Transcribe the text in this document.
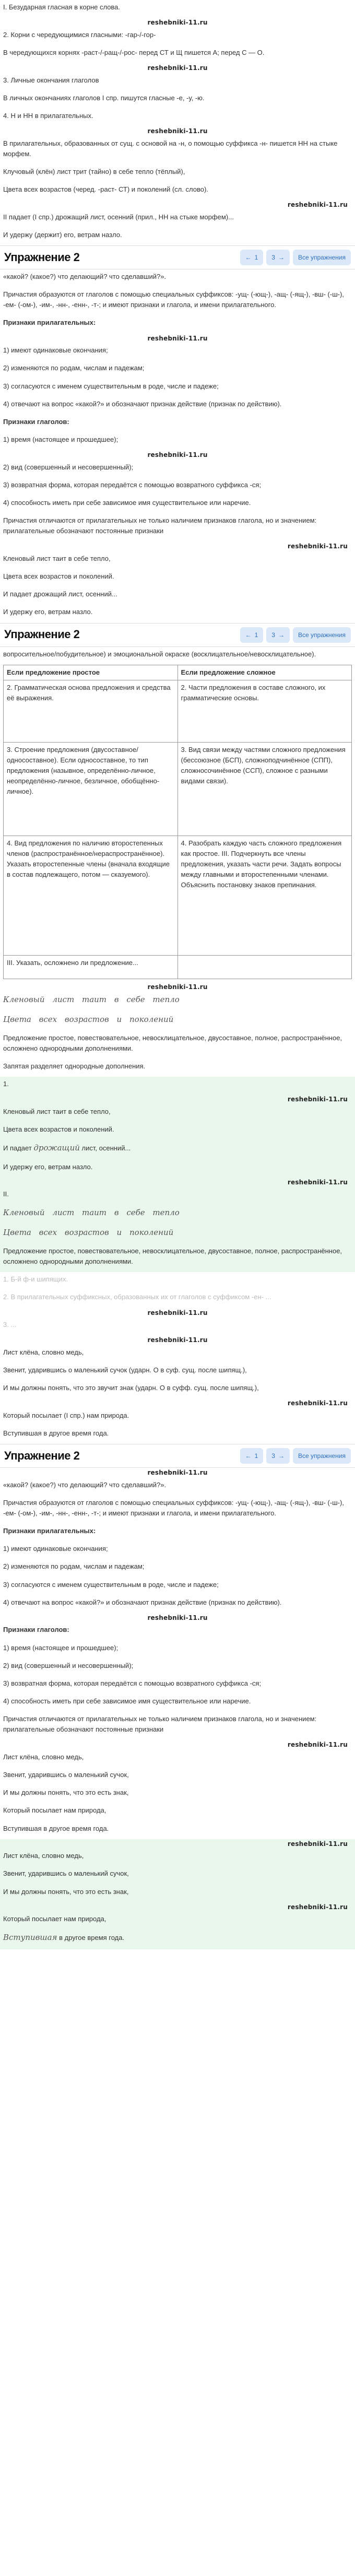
I. Безударная гласная в корне слова.
reshebniki-11.ru
2. Корни с чередующимися гласными: -гар-/-гор-
В чередующихся корнях -раст-/-ращ-/-рос- перед СТ и Щ пишется А; перед С — О.
reshebniki-11.ru
3. Личные окончания глаголов
В личных окончаниях глаголов I спр. пишутся гласные -е, -у, -ю.
4. Н и НН в прилагательных.
reshebniki-11.ru
В прилагательных, образованных от сущ. с основой на -н, о помощью суффикса -н- пишется НН на стыке морфем.
Клучовый (клён) лист трит (тайно) в себе тепло (тёплый),
Цвета всех возрастов (черед. -раст- СТ) и поколений (сл. слово).
reshebniki-11.ru
II падает (I спр.) дрожащий лист, осенний (прил., НН на стыке морфем)...
И удержу (держит) его, ветрам назло.
Упражнение 2	← 1 3 →	Все упражнения
«какой? (какое?) что делающий? что сделавший?».
Причастия образуются от глаголов с помощью специальных суффиксов: -ущ- (-ющ-), -ащ- (-ящ-), -вш- (-ш-), -ем- (-ом-), -им-, -нн-, -енн-, -т-; и имеют признаки и глагола, и имени прилагательного.
Признаки прилагательных:
reshebniki-11.ru
1) имеют одинаковые окончания;
2) изменяются по родам, числам и падежам;
3) согласуются с именем существительным в роде, числе и падеже;
4) отвечают на вопрос «какой?» и обозначают признак действие (признак по действию).
Признаки глаголов:
1) время (настоящее и прошедшее);
reshebniki-11.ru
2) вид (совершенный и несовершенный);
3) возвратная форма, которая передаётся с помощью возвратного суффикса -ся;
4) способность иметь при себе зависимое имя существительное или наречие.
Причастия отличаются от прилагательных не только наличием признаков глагола, но и значением: прилагательные обозначают постоянные признаки
reshebniki-11.ru
Кленовый лист таит в себе тепло,
Цвета всех возрастов и поколений.
И падает дрожащий лист, осенний...
И удержу его, ветрам назло.
Упражнение 2	← 1 3 →	Все упражнения
вопросительное/побудительное) и эмоциональной окраске (восклицательное/невосклицательное).
Если предложение простое	Если предложение сложное
2. Грамматическая основа предложения и средства её выражения.	2. Части предложения в составе сложного, их грамматические основы.
3. Строение предложения (двусоставное/односоставное). Если односоставное, то тип предложения (назывное, определённо-личное, неопределённо-личное, безличное, обобщённо-личное).	3. Вид связи между частями сложного предложения (бессоюзное (БСП), сложноподчинённое (СПП), сложносочинённое (ССП), сложное с разными видами связи).
4. Вид предложения по наличию второстепенных членов (распространённое/нераспространённое). Указать второстепенные члены (вначала входящие в состав подлежащего, потом — сказуемого).	4. Разобрать каждую часть сложного предложения как простое. III. Подчеркнуть все члены предложения, указать части речи. Задать вопросы между главными и второстепенными членами. Объяснить постановку знаков препинания.
III. Указать, осложнено ли предложение...	
reshebniki-11.ru
Кленовый лист таит в себе тепло
Цвета всех возрастов и поколений
Предложение простое, повествовательное, невосклицательное, двусоставное, полное, распространённое, осложнено однородными дополнениями.
Запятая разделяет однородные дополнения.
1.
reshebniki-11.ru
Кленовый лист таит в себе тепло,
Цвета всех возрастов и поколений.
И падает дрожащий лист, осенний...
И удержу его, ветрам назло.
reshebniki-11.ru
II.
Кленовый лист таит в себе тепло
Цвета всех возрастов и поколений
Предложение простое, повествовательное, невосклицательное, двусоставное, полное, распространённое, осложнено однородными дополнениями.
1. Б-й ф-и шипящих.
2. В прилагательных суффиксных, образованных их от глаголов с суффиксом -ен- ...
reshebniki-11.ru
3. ...
reshebniki-11.ru
Лист клёна, словно медь,
Звенит, ударившись о маленький сучок (ударн. О в суф. сущ. после шипящ.),
И мы должны понять, что это звучит знак (ударн. О в суфф. сущ. после шипящ.),
reshebniki-11.ru
Который посылает (I спр.) нам природа.
Вступившая в другое время года.
Упражнение 2	← 1 3 →	Все упражнения
reshebniki-11.ru
«какой? (какое?) что делающий? что сделавший?».
Причастия образуются от глаголов с помощью специальных суффиксов: -ущ- (-ющ-), -ащ- (-ящ-), -вш- (-ш-), -ем- (-ом-), -им-, -нн-, -енн-, -т-; и имеют признаки и глагола, и имени прилагательного.
Признаки прилагательных:
1) имеют одинаковые окончания;
2) изменяются по родам, числам и падежам;
3) согласуются с именем существительным в роде, числе и падеже;
4) отвечают на вопрос «какой?» и обозначают признак действие (признак по действию).
reshebniki-11.ru
Признаки глаголов:
1) время (настоящее и прошедшее);
2) вид (совершенный и несовершенный);
3) возвратная форма, которая передаётся с помощью возвратного суффикса -ся;
4) способность иметь при себе зависимое имя существительное или наречие.
Причастия отличаются от прилагательных не только наличием признаков глагола, но и значением: прилагательные обозначают постоянные признаки
reshebniki-11.ru
Лист клёна, словно медь,
Звенит, ударившись о маленький сучок,
И мы должны понять, что это есть знак,
Который посылает нам природа,
Вступившая в другое время года.
reshebniki-11.ru
Лист клёна, словно медь,
Звенит, ударившись о маленький сучок,
И мы должны понять, что это есть знак,
reshebniki-11.ru
Который посылает нам природа,
Вступившая в другое время года.
